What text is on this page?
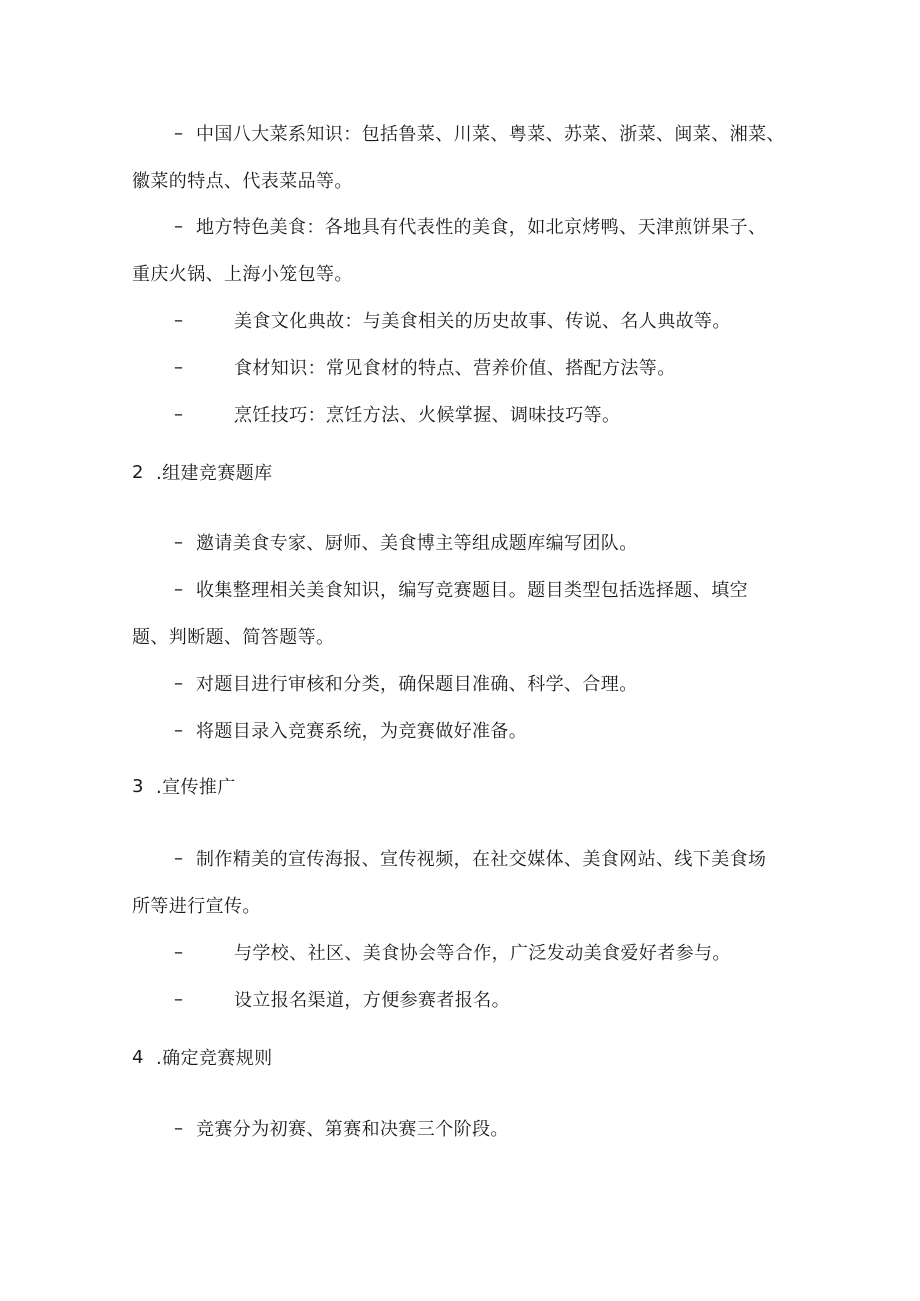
– 中国八大菜系知识：包括鲁菜、川菜、粤菜、苏菜、浙菜、闽菜、湘菜、
徽菜的特点、代表菜品等。
– 地方特色美食：各地具有代表性的美食，如北京烤鸭、天津煎饼果子、
重庆火锅、上海小笼包等。
–	美食文化典故：与美食相关的历史故事、传说、名人典故等。
–	食材知识：常见食材的特点、营养价值、搭配方法等。
–	烹饪技巧：烹饪方法、火候掌握、调味技巧等。
2 .组建竞赛题库
– 邀请美食专家、厨师、美食博主等组成题库编写团队。
– 收集整理相关美食知识，编写竞赛题目。题目类型包括选择题、填空
题、判断题、简答题等。
– 对题目进行审核和分类，确保题目准确、科学、合理。
– 将题目录入竞赛系统，为竞赛做好准备。
3 .宣传推广
– 制作精美的宣传海报、宣传视频，在社交媒体、美食网站、线下美食场
所等进行宣传。
–	与学校、社区、美食协会等合作，广泛发动美食爱好者参与。
–	设立报名渠道，方便参赛者报名。
4 .确定竞赛规则
– 竞赛分为初赛、第赛和决赛三个阶段。
